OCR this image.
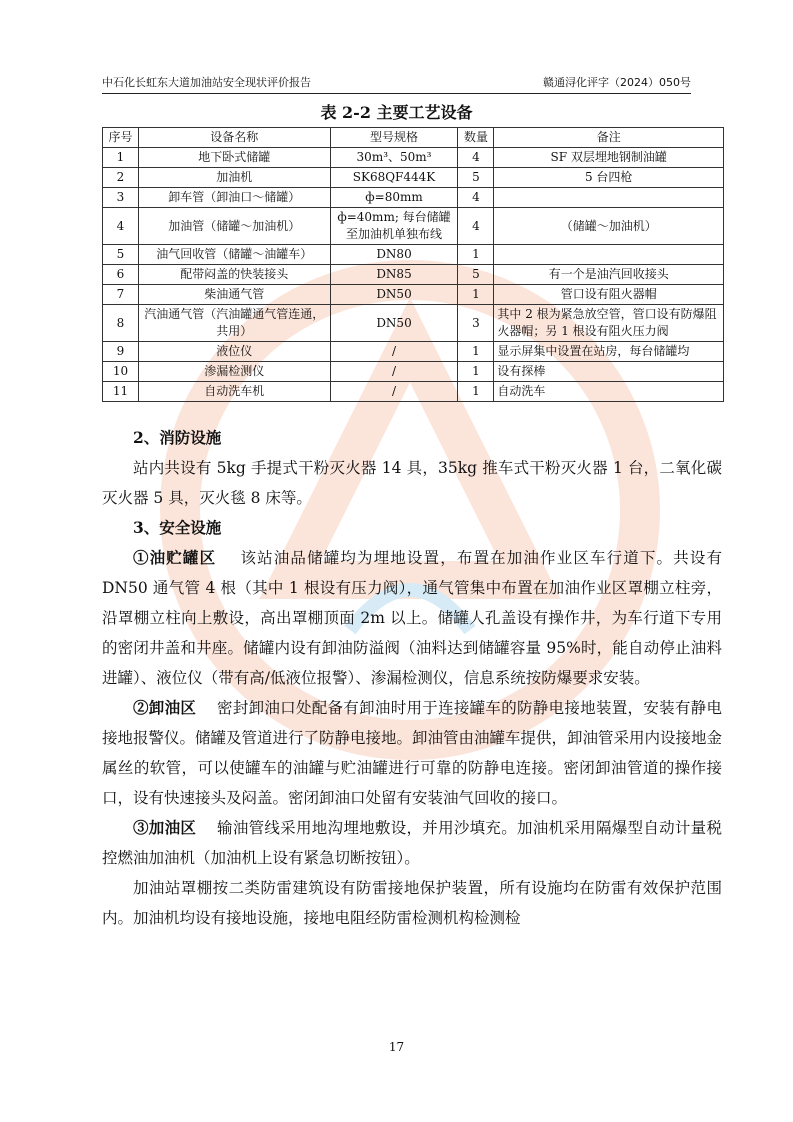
中石化长虹东大道加油站安全现状评价报告	赣通浔化评字（2024）050号
表 2-2 主要工艺设备
序号	设备名称	型号规格	数量	备注
1	地下卧式储罐	30m³、50m³	4	SF 双层埋地钢制油罐
2	加油机	SK68QF444K	5	5 台四枪
3	卸车管（卸油口～储罐）	ф=80mm	4	
4	加油管（储罐～加油机）	ф=40mm; 每台储罐至加油机单独布线	4	（储罐～加油机）
5	油气回收管（储罐～油罐车）	DN80	1	
6	配带闷盖的快装接头	DN85	5	有一个是油汽回收接头
7	柴油通气管	DN50	1	管口设有阻火器帽
8	汽油通气管（汽油罐通气管连通，共用）	DN50	3	其中 2 根为紧急放空管，管口设有防爆阻火器帽；另 1 根设有阻火压力阀
9	液位仪	/	1	显示屏集中设置在站房，每台储罐均
10	渗漏检测仪	/	1	设有探棒
11	自动洗车机	/	1	自动洗车

2、消防设施

站内共设有 5kg 手提式干粉灭火器 14 具，35kg 推车式干粉灭火器 1 台，二氧化碳灭火器 5 具，灭火毯 8 床等。

3、安全设施

①油贮罐区 该站油品储罐均为埋地设置，布置在加油作业区车行道下。共设有 DN50 通气管 4 根（其中 1 根设有压力阀），通气管集中布置在加油作业区罩棚立柱旁，沿罩棚立柱向上敷设，高出罩棚顶面 2m 以上。储罐人孔盖设有操作井，为车行道下专用的密闭井盖和井座。储罐内设有卸油防溢阀（油料达到储罐容量 95%时，能自动停止油料进罐）、液位仪（带有高/低液位报警）、渗漏检测仪，信息系统按防爆要求安装。

②卸油区 密封卸油口处配备有卸油时用于连接罐车的防静电接地装置，安装有静电接地报警仪。储罐及管道进行了防静电接地。卸油管由油罐车提供，卸油管采用内设接地金属丝的软管，可以使罐车的油罐与贮油罐进行可靠的防静电连接。密闭卸油管道的操作接口，设有快速接头及闷盖。密闭卸油口处留有安装油气回收的接口。

③加油区 输油管线采用地沟埋地敷设，并用沙填充。加油机采用隔爆型自动计量税控燃油加油机（加油机上设有紧急切断按钮）。

加油站罩棚按二类防雷建筑设有防雷接地保护装置，所有设施均在防雷有效保护范围内。加油机均设有接地设施，接地电阻经防雷检测机构检测检

17
